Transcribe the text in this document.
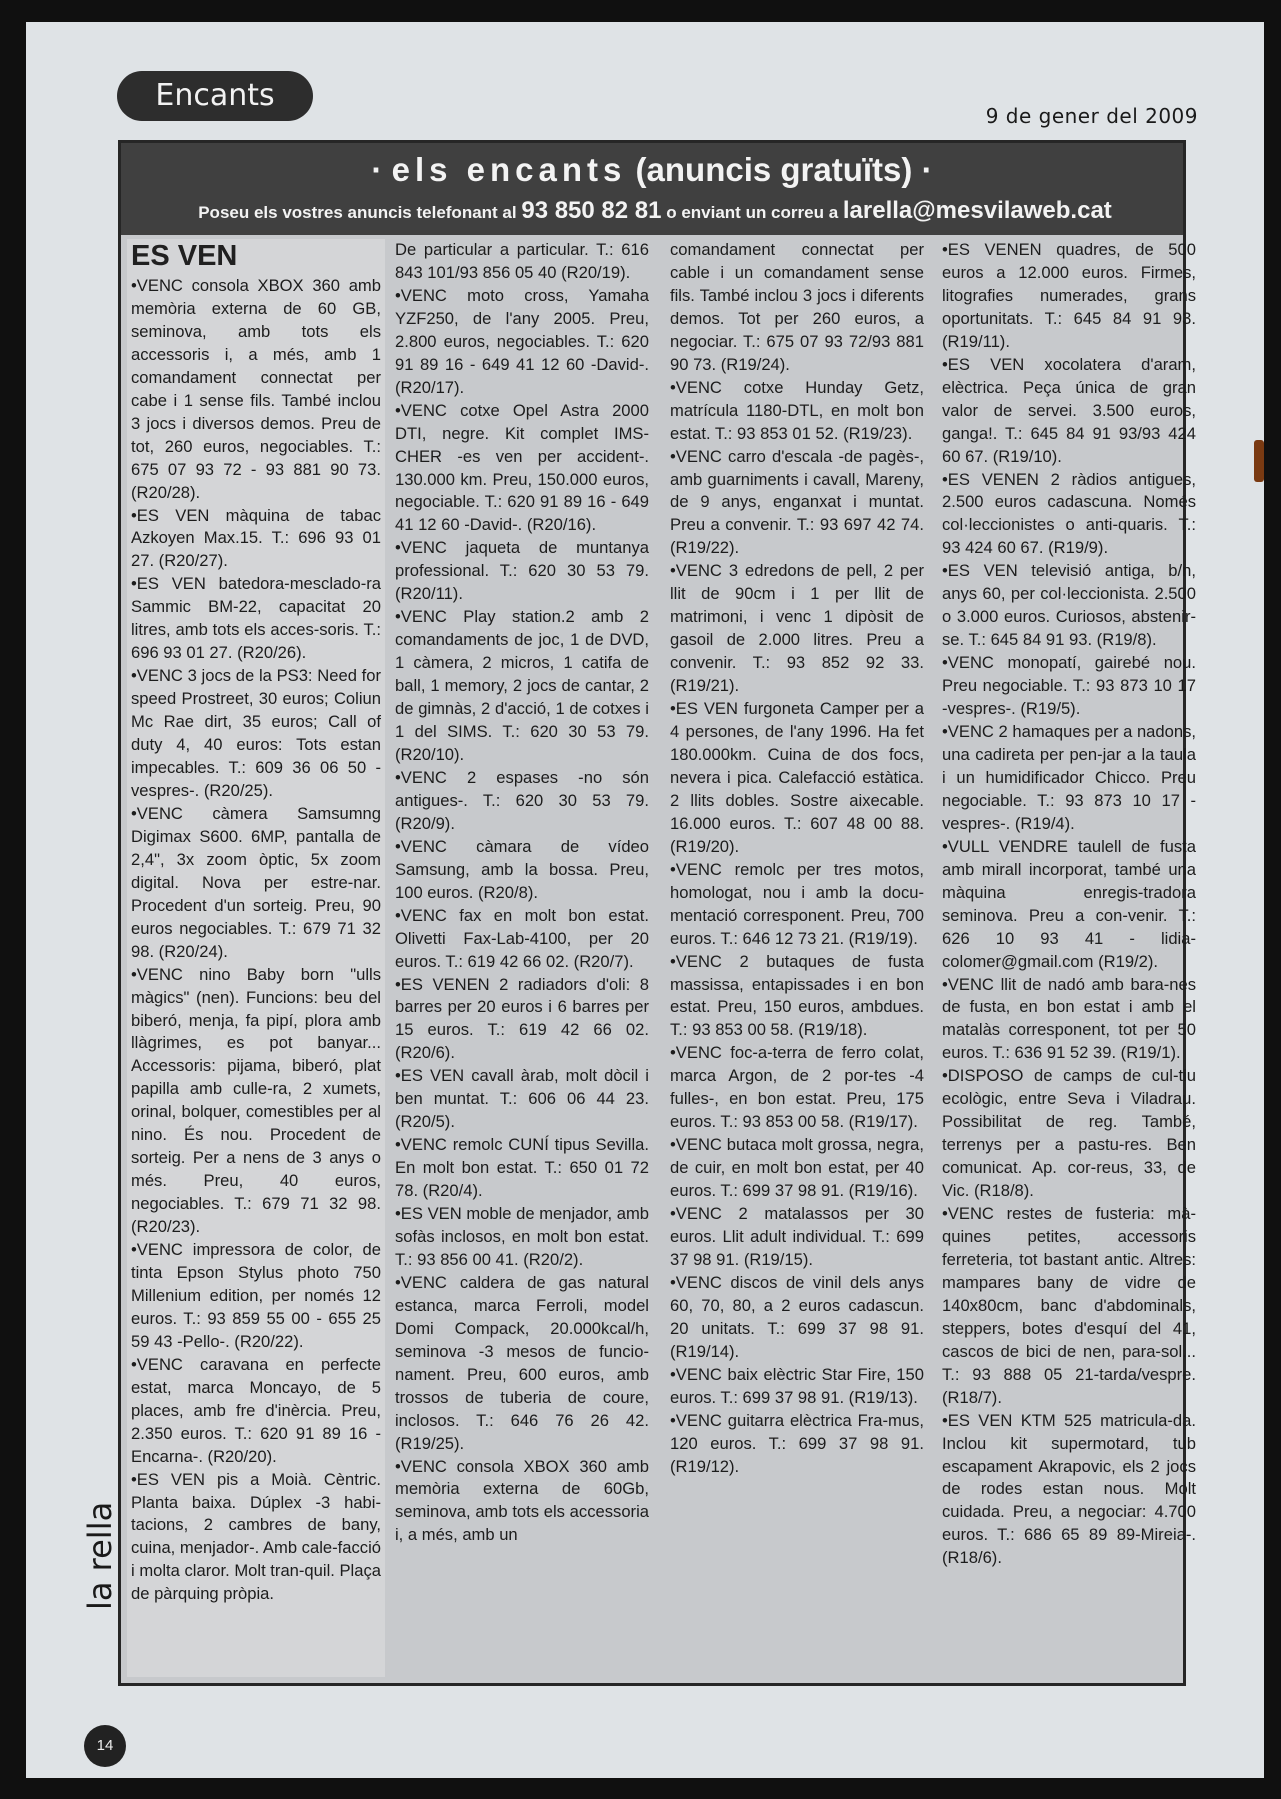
Encants
9 de gener del 2009
· els encants (anuncis gratuïts) ·
Poseu els vostres anuncis telefonant al 93 850 82 81 o enviant un correu a larella@mesvilaweb.cat
ES VEN

•VENC consola XBOX 360 amb memòria externa de 60 GB, seminova, amb tots els accessoris i, a més, amb 1 comandament connectat per cabe i 1 sense fils. També inclou 3 jocs i diversos demos. Preu de tot, 260 euros, negociables. T.: 675 07 93 72 - 93 881 90 73. (R20/28).

•ES VEN màquina de tabac Azkoyen Max.15. T.: 696 93 01 27. (R20/27).

•ES VEN batedora-mesclado-ra Sammic BM-22, capacitat 20 litres, amb tots els acces-soris. T.: 696 93 01 27. (R20/26).

•VENC 3 jocs de la PS3: Need for speed Prostreet, 30 euros; Coliun Mc Rae dirt, 35 euros; Call of duty 4, 40 euros: Tots estan impecables. T.: 609 36 06 50 -vespres-. (R20/25).

•VENC càmera Samsumng Digimax S600. 6MP, pantalla de 2,4", 3x zoom òptic, 5x zoom digital. Nova per estre-nar. Procedent d'un sorteig. Preu, 90 euros negociables. T.: 679 71 32 98. (R20/24).

•VENC nino Baby born "ulls màgics" (nen). Funcions: beu del biberó, menja, fa pipí, plora amb llàgrimes, es pot banyar... Accessoris: pijama, biberó, plat papilla amb culle-ra, 2 xumets, orinal, bolquer, comestibles per al nino. És nou. Procedent de sorteig. Per a nens de 3 anys o més. Preu, 40 euros, negociables. T.: 679 71 32 98. (R20/23).

•VENC impressora de color, de tinta Epson Stylus photo 750 Millenium edition, per només 12 euros. T.: 93 859 55 00 - 655 25 59 43 -Pello-. (R20/22).

•VENC caravana en perfecte estat, marca Moncayo, de 5 places, amb fre d'inèrcia. Preu, 2.350 euros. T.: 620 91 89 16 -Encarna-. (R20/20).

•ES VEN pis a Moià. Cèntric. Planta baixa. Dúplex -3 habi-tacions, 2 cambres de bany, cuina, menjador-. Amb cale-facció i molta claror. Molt tran-quil. Plaça de pàrquing pròpia.

De particular a particular. T.: 616 843 101/93 856 05 40 (R20/19).

•VENC moto cross, Yamaha YZF250, de l'any 2005. Preu, 2.800 euros, negociables. T.: 620 91 89 16 - 649 41 12 60 -David-. (R20/17).

•VENC cotxe Opel Astra 2000 DTI, negre. Kit complet IMS-CHER -es ven per accident-. 130.000 km. Preu, 150.000 euros, negociable. T.: 620 91 89 16 - 649 41 12 60 -David-. (R20/16).

•VENC jaqueta de muntanya professional. T.: 620 30 53 79. (R20/11).

•VENC Play station.2 amb 2 comandaments de joc, 1 de DVD, 1 càmera, 2 micros, 1 catifa de ball, 1 memory, 2 jocs de cantar, 2 de gimnàs, 2 d'acció, 1 de cotxes i 1 del SIMS. T.: 620 30 53 79. (R20/10).

•VENC 2 espases -no són antigues-. T.: 620 30 53 79. (R20/9).

•VENC càmara de vídeo Samsung, amb la bossa. Preu, 100 euros. (R20/8).

•VENC fax en molt bon estat. Olivetti Fax-Lab-4100, per 20 euros. T.: 619 42 66 02. (R20/7).

•ES VENEN 2 radiadors d'oli: 8 barres per 20 euros i 6 barres per 15 euros. T.: 619 42 66 02. (R20/6).

•ES VEN cavall àrab, molt dòcil i ben muntat. T.: 606 06 44 23. (R20/5).

•VENC remolc CUNÍ tipus Sevilla. En molt bon estat. T.: 650 01 72 78. (R20/4).

•ES VEN moble de menjador, amb sofàs inclosos, en molt bon estat. T.: 93 856 00 41. (R20/2).

•VENC caldera de gas natural estanca, marca Ferroli, model Domi Compack, 20.000kcal/h, seminova -3 mesos de funcio-nament. Preu, 600 euros, amb trossos de tuberia de coure, inclosos. T.: 646 76 26 42. (R19/25).

•VENC consola XBOX 360 amb memòria externa de 60Gb, seminova, amb tots els accessoria i, a més, amb un

comandament connectat per cable i un comandament sense fils. També inclou 3 jocs i diferents demos. Tot per 260 euros, a negociar. T.: 675 07 93 72/93 881 90 73. (R19/24).

•VENC cotxe Hunday Getz, matrícula 1180-DTL, en molt bon estat. T.: 93 853 01 52. (R19/23).

•VENC carro d'escala -de pagès-, amb guarniments i cavall, Mareny, de 9 anys, enganxat i muntat. Preu a convenir. T.: 93 697 42 74. (R19/22).

•VENC 3 edredons de pell, 2 per llit de 90cm i 1 per llit de matrimoni, i venc 1 dipòsit de gasoil de 2.000 litres. Preu a convenir. T.: 93 852 92 33. (R19/21).

•ES VEN furgoneta Camper per a 4 persones, de l'any 1996. Ha fet 180.000km. Cuina de dos focs, nevera i pica. Calefacció estàtica. 2 llits dobles. Sostre aixecable. 16.000 euros. T.: 607 48 00 88. (R19/20).

•VENC remolc per tres motos, homologat, nou i amb la docu-mentació corresponent. Preu, 700 euros. T.: 646 12 73 21. (R19/19).

•VENC 2 butaques de fusta massissa, entapissades i en bon estat. Preu, 150 euros, ambdues. T.: 93 853 00 58. (R19/18).

•VENC foc-a-terra de ferro colat, marca Argon, de 2 por-tes -4 fulles-, en bon estat. Preu, 175 euros. T.: 93 853 00 58. (R19/17).

•VENC butaca molt grossa, negra, de cuir, en molt bon estat, per 40 euros. T.: 699 37 98 91. (R19/16).

•VENC 2 matalassos per 30 euros. Llit adult individual. T.: 699 37 98 91. (R19/15).

•VENC discos de vinil dels anys 60, 70, 80, a 2 euros cadascun. 20 unitats. T.: 699 37 98 91. (R19/14).

•VENC baix elèctric Star Fire, 150 euros. T.: 699 37 98 91. (R19/13).

•VENC guitarra elèctrica Fra-mus, 120 euros. T.: 699 37 98 91. (R19/12).

•ES VENEN quadres, de 500 euros a 12.000 euros. Firmes, litografies numerades, grans oportunitats. T.: 645 84 91 93. (R19/11).

•ES VEN xocolatera d'aram, elèctrica. Peça única de gran valor de servei. 3.500 euros, ganga!. T.: 645 84 91 93/93 424 60 67. (R19/10).

•ES VENEN 2 ràdios antigues, 2.500 euros cadascuna. Només col·leccionistes o anti-quaris. T.: 93 424 60 67. (R19/9).

•ES VEN televisió antiga, b/n, anys 60, per col·leccionista. 2.500 o 3.000 euros. Curiosos, abstenir-se. T.: 645 84 91 93. (R19/8).

•VENC monopatí, gairebé nou. Preu negociable. T.: 93 873 10 17 -vespres-. (R19/5).

•VENC 2 hamaques per a nadons, una cadireta per pen-jar a la taula i un humidificador Chicco. Preu negociable. T.: 93 873 10 17 -vespres-. (R19/4).

•VULL VENDRE taulell de fusta amb mirall incorporat, també una màquina enregis-tradora seminova. Preu a con-venir. T.: 626 10 93 41 - lidia-colomer@gmail.com (R19/2).

•VENC llit de nadó amb bara-nes de fusta, en bon estat i amb el matalàs corresponent, tot per 50 euros. T.: 636 91 52 39. (R19/1).

•DISPOSO de camps de cul-tiu ecològic, entre Seva i Viladrau. Possibilitat de reg. També, terrenys per a pastu-res. Ben comunicat. Ap. cor-reus, 33, de Vic. (R18/8).

•VENC restes de fusteria: mà-quines petites, accessoris ferreteria, tot bastant antic. Altres: mampares bany de vidre de 140x80cm, banc d'abdominals, steppers, botes d'esquí del 41, cascos de bici de nen, para-sol... T.: 93 888 05 21-tarda/vespre. (R18/7).

•ES VEN KTM 525 matricula-da. Inclou kit supermotard, tub escapament Akrapovic, els 2 jocs de rodes estan nous. Molt cuidada. Preu, a negociar: 4.700 euros. T.: 686 65 89 89-Mireia-. (R18/6).

la rella
14
